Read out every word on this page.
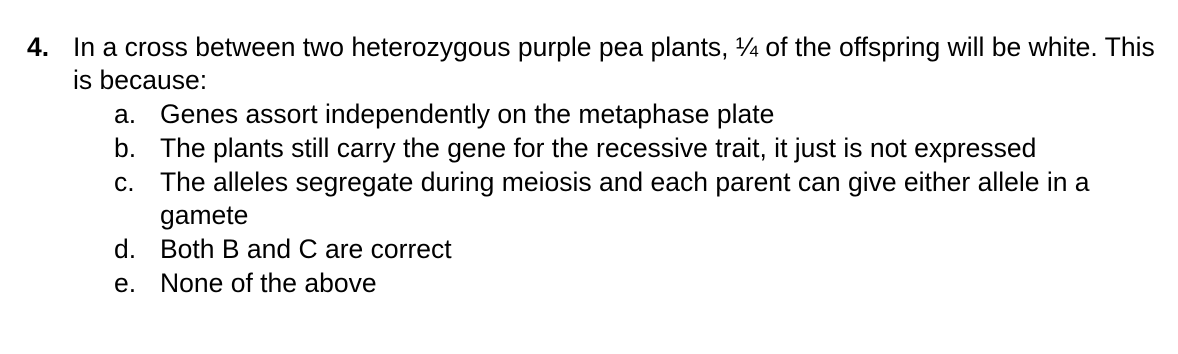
4. In a cross between two heterozygous purple pea plants, ¼ of the offspring will be white. This is because:
a. Genes assort independently on the metaphase plate
b. The plants still carry the gene for the recessive trait, it just is not expressed
c. The alleles segregate during meiosis and each parent can give either allele in a gamete
d. Both B and C are correct
e. None of the above
